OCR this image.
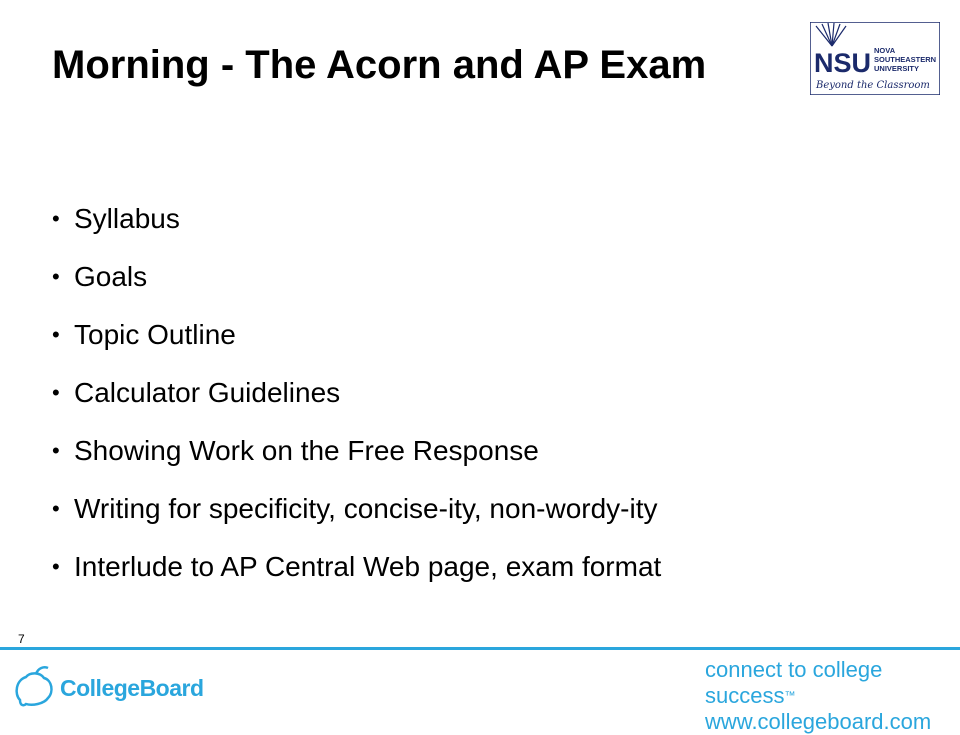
Morning - The Acorn and AP Exam	NSU NOVA
SOUTHEASTERN
UNIVERSITY
Beyond the Classroom
• Syllabus
• Goals
• Topic Outline
• Calculator Guidelines
• Showing Work on the Free Response
• Writing for specificity, concise-ity, non-wordy-ity
• Interlude to AP Central Web page, exam format
7
CollegeBoard
connect to college success™
www.collegeboard.com
